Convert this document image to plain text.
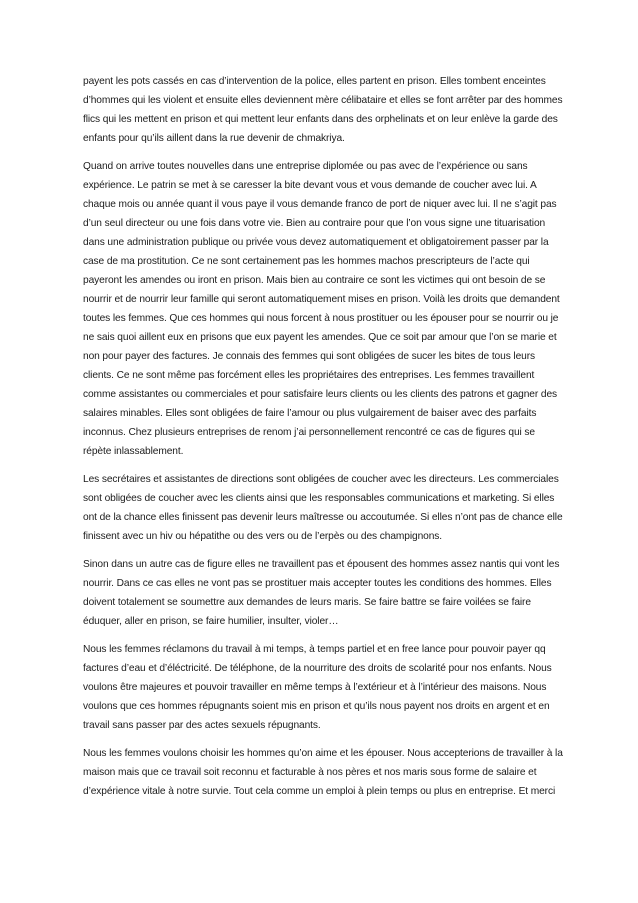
payent les pots cassés en cas d’intervention de la police, elles partent en prison. Elles tombent enceintes d’hommes qui les violent et ensuite elles deviennent mère célibataire et elles se font arrêter par des hommes flics qui les mettent en prison et qui mettent leur enfants dans des orphelinats et on leur enlève la garde des enfants pour qu’ils aillent dans la rue devenir de chmakriya.

Quand on arrive toutes nouvelles dans une entreprise diplomée ou pas avec de l’expérience ou sans expérience. Le patrin se met à se caresser la bite devant vous et vous demande de coucher avec lui. A chaque mois ou année quant il vous paye il vous demande franco de port de niquer avec lui. Il ne s’agit pas d’un seul directeur ou une fois dans votre vie. Bien au contraire pour que l’on vous signe une tituarisation dans une administration publique ou privée vous devez automatiquement et obligatoirement passer par la case de ma prostitution. Ce ne sont certainement pas les hommes machos prescripteurs de l’acte qui payeront les amendes ou iront en prison. Mais bien au contraire ce sont les victimes qui ont besoin de se nourrir et de nourrir leur famille qui seront automatiquement mises en prison. Voilà les droits que demandent toutes les femmes. Que ces hommes qui nous forcent à nous prostituer ou les épouser pour se nourrir ou je ne sais quoi aillent eux en prisons que eux payent les amendes. Que ce soit par amour que l’on se marie et non pour payer des factures. Je connais des femmes qui sont obligées de sucer les bites de tous leurs clients. Ce ne sont même pas forcément elles les propriétaires des entreprises. Les femmes travaillent comme assistantes ou commerciales et pour satisfaire leurs clients ou les clients des patrons et gagner des salaires minables. Elles sont obligées de faire l’amour ou plus vulgairement de baiser avec des parfaits inconnus. Chez plusieurs entreprises de renom j’ai personnellement rencontré ce cas de figures qui se répète inlassablement.

Les secrétaires et assistantes de directions sont obligées de coucher avec les directeurs. Les commerciales sont obligées de coucher avec les clients ainsi que les responsables communications et marketing. Si elles ont de la chance elles finissent pas devenir leurs maîtresse ou accoutumée. Si elles n’ont pas de chance elle finissent avec un hiv ou hépatithe ou des vers ou de l’erpès ou des champignons.

Sinon dans un autre cas de figure elles ne travaillent pas et épousent des hommes assez nantis qui vont les nourrir. Dans ce cas elles ne vont pas se prostituer mais accepter toutes les conditions des hommes. Elles doivent totalement se soumettre aux demandes de leurs maris. Se faire battre se faire voilées se faire éduquer, aller en prison, se faire humilier, insulter, violer…

Nous les femmes réclamons du travail à mi temps, à temps partiel et en free lance pour pouvoir payer qq factures d’eau et d’éléctricité. De téléphone, de la nourriture des droits de scolarité pour nos enfants. Nous voulons être majeures et pouvoir travailler en même temps à l’extérieur et à l’intérieur des maisons. Nous voulons que ces hommes répugnants soient mis en prison et qu’ils nous payent nos droits en argent et en travail sans passer par des actes sexuels répugnants.

Nous les femmes voulons choisir les hommes qu’on aime et les épouser. Nous accepterions de travailler à la maison mais que ce travail soit reconnu et facturable à nos pères et nos maris sous forme de salaire et d’expérience vitale à notre survie. Tout cela comme un emploi à plein temps ou plus en entreprise. Et merci
